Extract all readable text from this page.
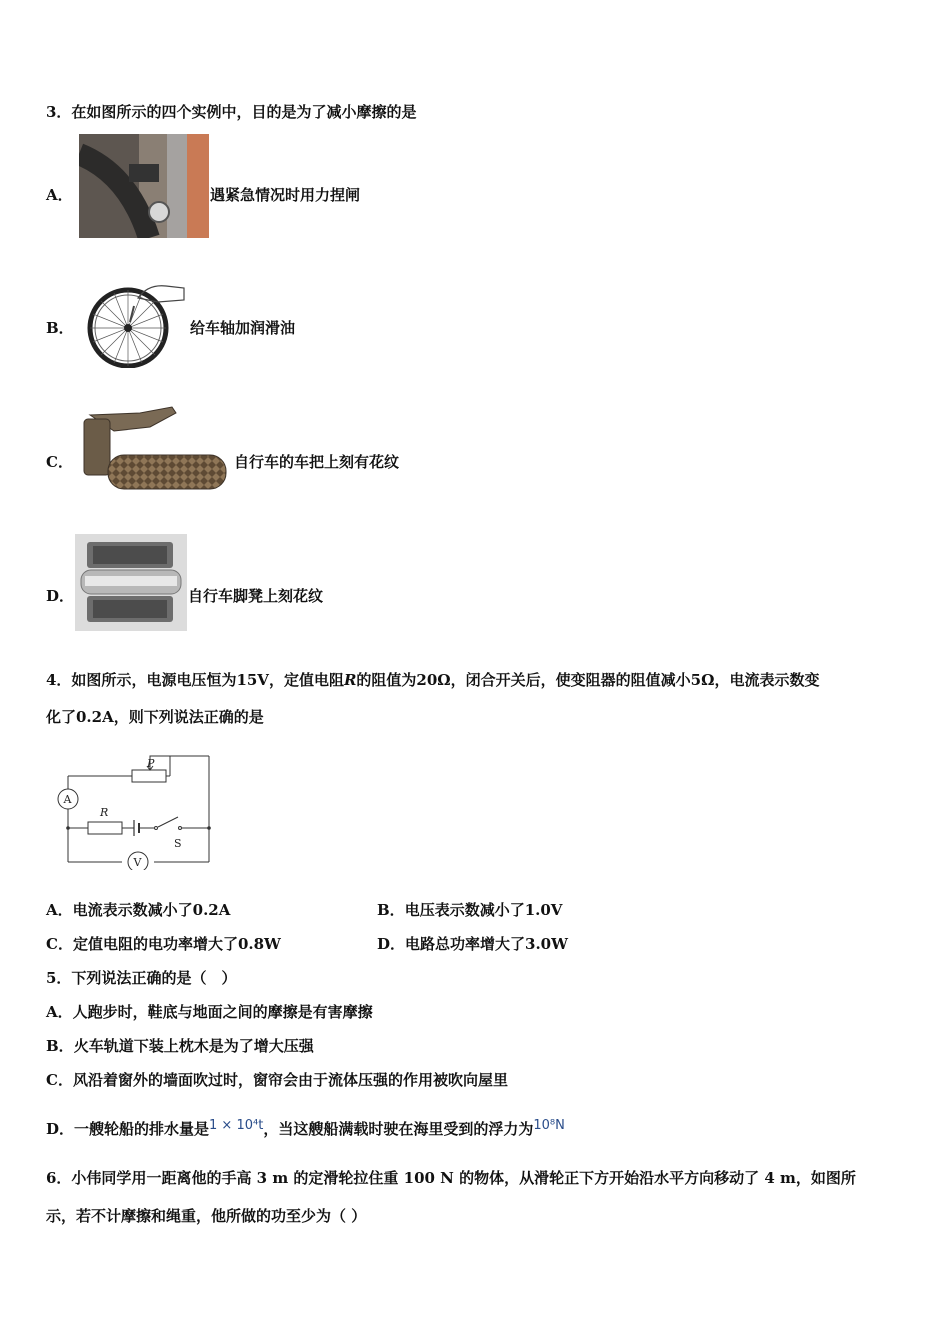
3．在如图所示的四个实例中，目的是为了减小摩擦的是
A．	遇紧急情况时用力捏闸
B．	给车轴加润滑油
C．	自行车的车把上刻有花纹
D．	自行车脚凳上刻花纹
4．如图所示，电源电压恒为15V，定值电阻R的阻值为20Ω，闭合开关后，使变阻器的阻值减小5Ω，电流表示数变
化了0.2A，则下列说法正确的是
A
V
P
R
S
A．电流表示数减小了0.2A	B．电压表示数减小了1.0V
C．定值电阻的电功率增大了0.8W	D．电路总功率增大了3.0W
5．下列说法正确的是（　）
A．人跑步时，鞋底与地面之间的摩擦是有害摩擦
B．火车轨道下装上枕木是为了增大压强
C．风沿着窗外的墙面吹过时，窗帘会由于流体压强的作用被吹向屋里
D．一艘轮船的排水量是1 × 10⁴t，当这艘船满载时驶在海里受到的浮力为10⁸N
6．小伟同学用一距离他的手高 3 m 的定滑轮拉住重 100 N 的物体，从滑轮正下方开始沿水平方向移动了 4 m，如图所
示，若不计摩擦和绳重，他所做的功至少为（ ）
